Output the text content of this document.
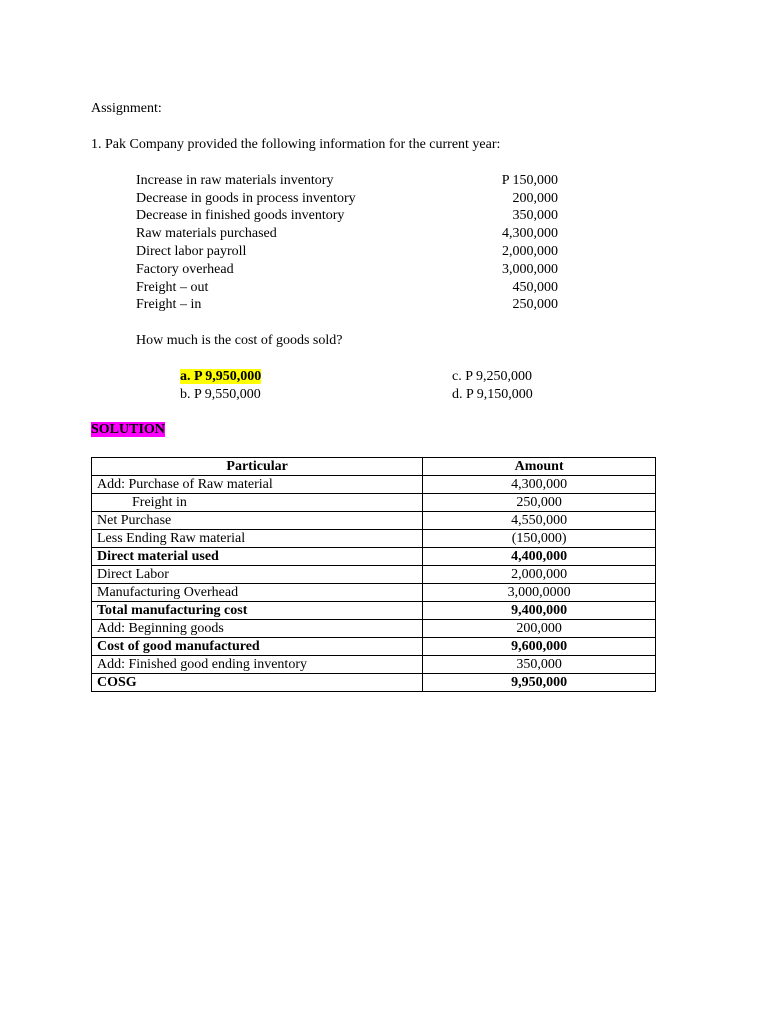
Assignment:
1. Pak Company provided the following information for the current year:
Increase in raw materials inventory	P 150,000
Decrease in goods in process inventory	200,000
Decrease in finished goods inventory	350,000
Raw materials purchased	4,300,000
Direct labor payroll	2,000,000
Factory overhead	3,000,000
Freight – out	450,000
Freight – in	250,000
How much is the cost of goods sold?
a. P 9,950,000
b. P 9,550,000
c. P 9,250,000
d. P 9,150,000
SOLUTION
Particular	Amount
Add: Purchase of Raw material	4,300,000
Freight in	250,000
Net Purchase	4,550,000
Less Ending Raw material	(150,000)
Direct material used	4,400,000
Direct Labor	2,000,000
Manufacturing Overhead	3,000,0000
Total manufacturing cost	9,400,000
Add: Beginning goods	200,000
Cost of good manufactured	9,600,000
Add: Finished good ending inventory	350,000
COSG	9,950,000
